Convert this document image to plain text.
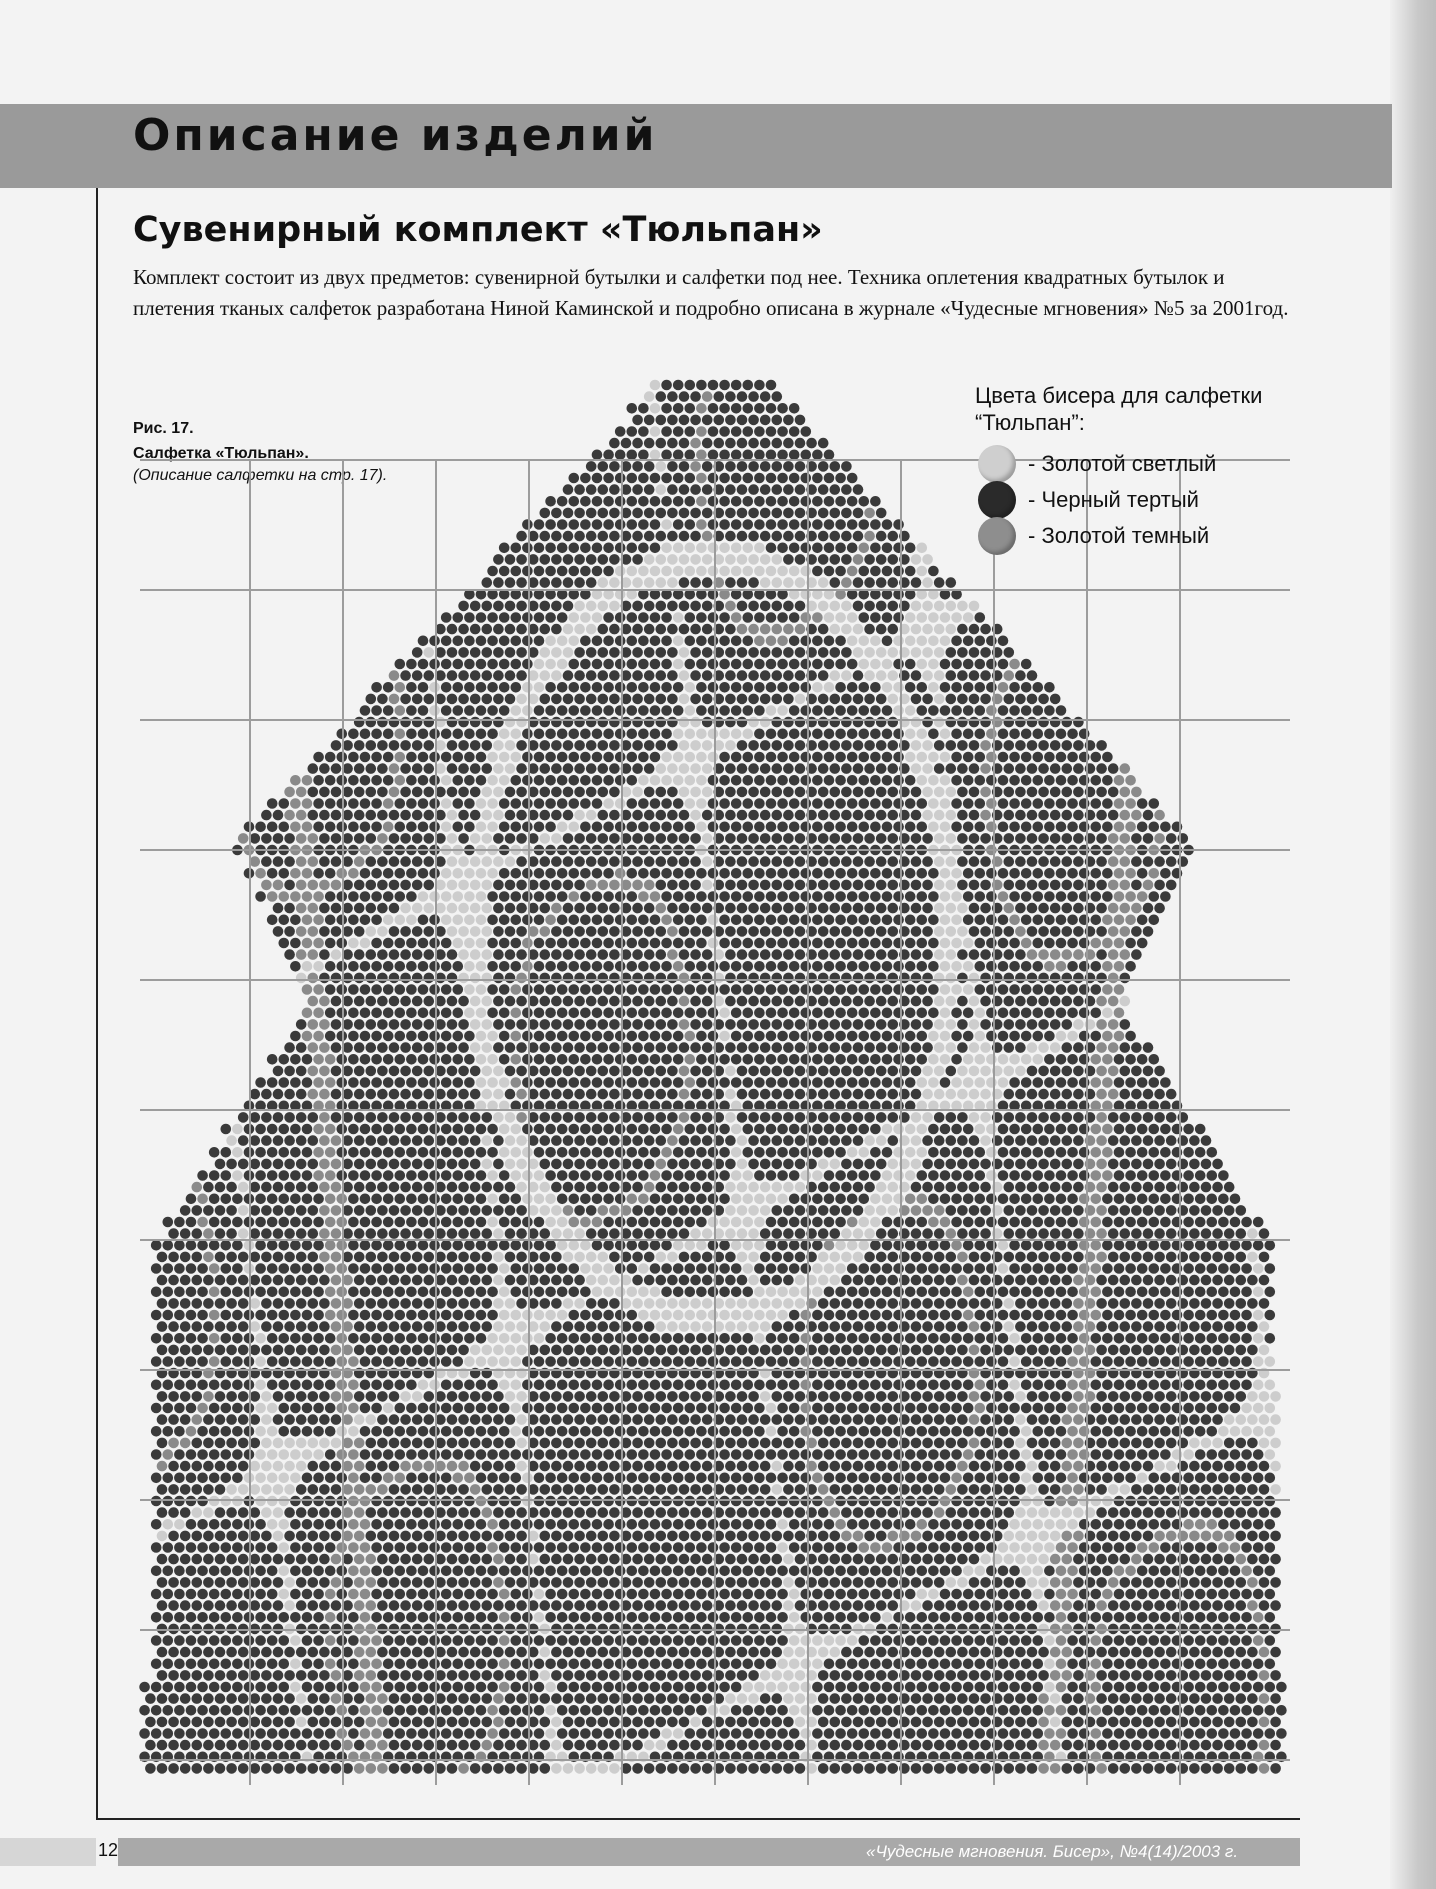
Описание изделий
Сувенирный комплект «Тюльпан»
Комплект состоит из двух предметов: сувенирной бутылки и салфетки под нее. Техника оплетения квадратных бутылок и плетения тканых салфеток разработана Ниной Каминской и подробно описана в журнале «Чудесные мгновения» №5 за 2001год.
Рис. 17.
Салфетка «Тюльпан».
(Описание салфетки на стр. 17).
Цвета бисера для салфетки “Тюльпан”:
- Золотой светлый
- Черный тертый
- Золотой темный
12	«Чудесные мгновения. Бисер», №4(14)/2003 г.
